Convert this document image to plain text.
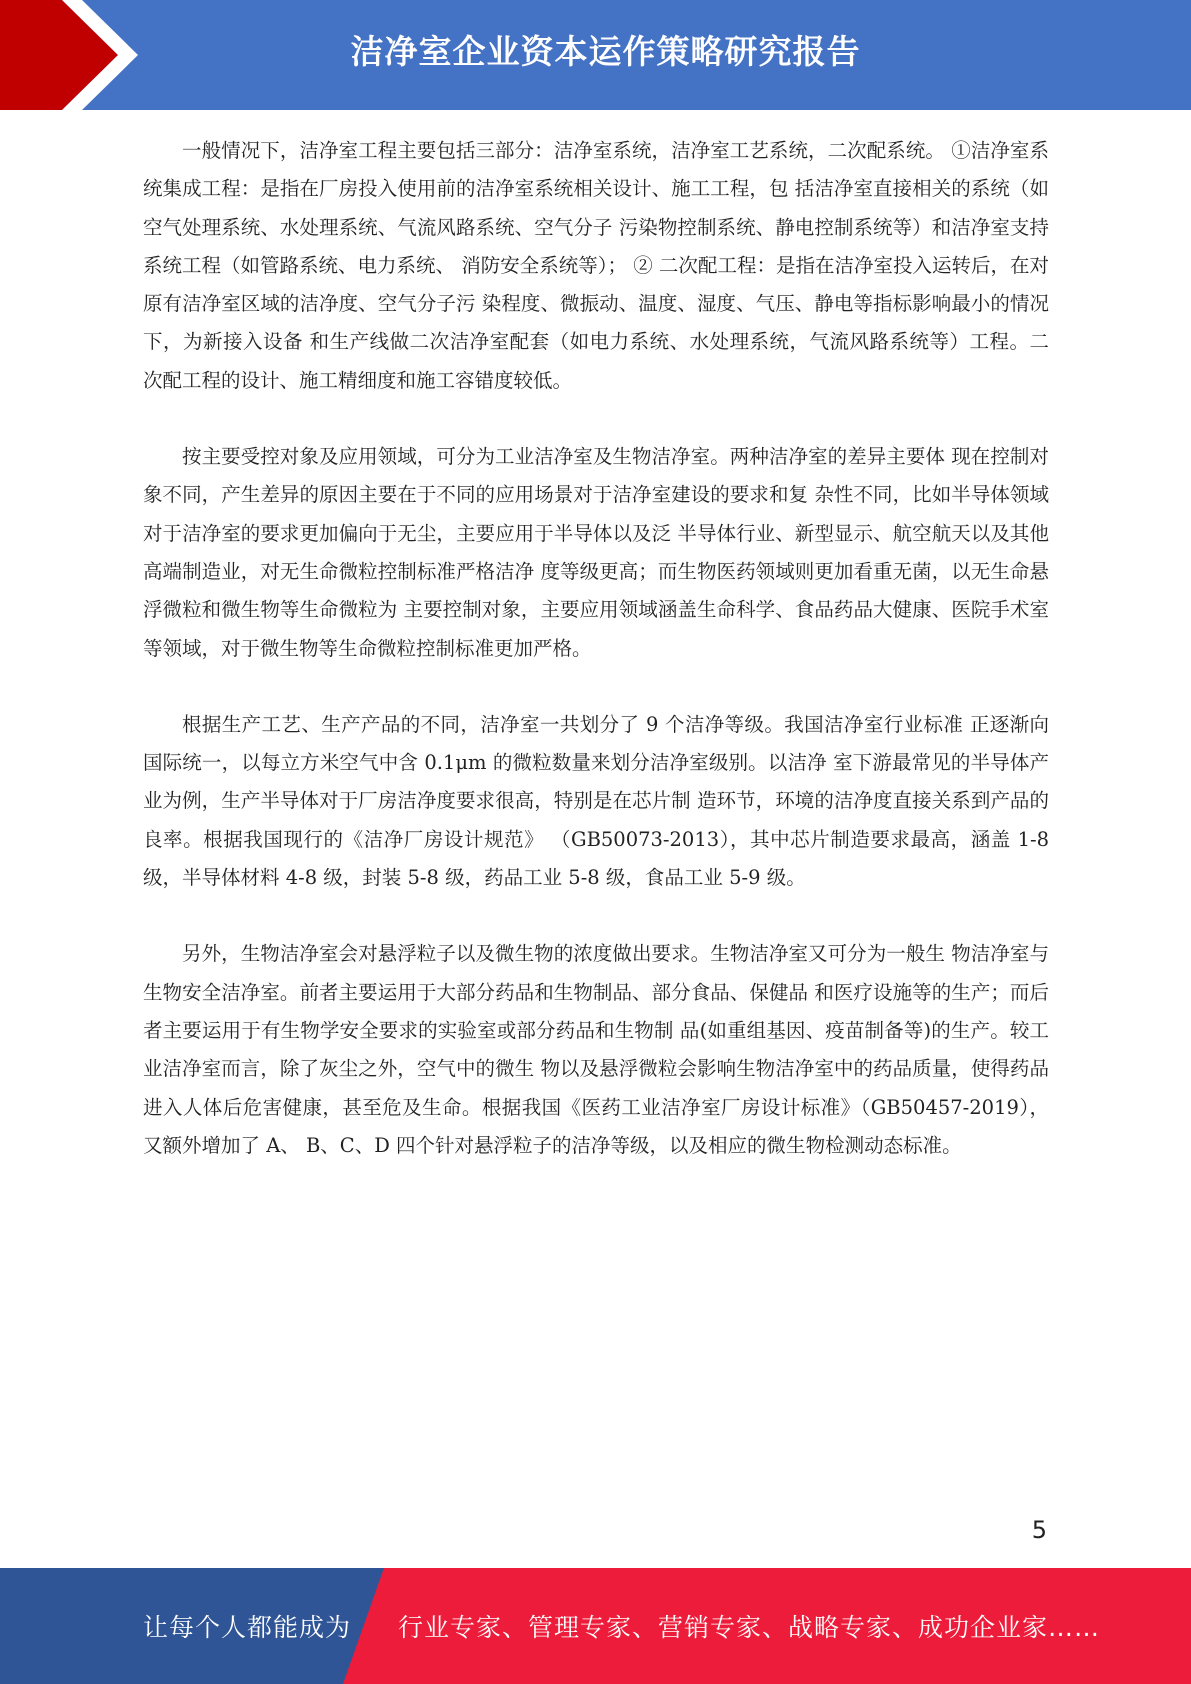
洁净室企业资本运作策略研究报告

一般情况下，洁净室工程主要包括三部分：洁净室系统，洁净室工艺系统，二次配系统。 ①洁净室系统集成工程：是指在厂房投入使用前的洁净室系统相关设计、施工工程，包 括洁净室直接相关的系统（如空气处理系统、水处理系统、气流风路系统、空气分子 污染物控制系统、静电控制系统等）和洁净室支持系统工程（如管路系统、电力系统、 消防安全系统等）； ② 二次配工程：是指在洁净室投入运转后，在对原有洁净室区域的洁净度、空气分子污 染程度、微振动、温度、湿度、气压、静电等指标影响最小的情况下，为新接入设备 和生产线做二次洁净室配套（如电力系统、水处理系统，气流风路系统等）工程。二 次配工程的设计、施工精细度和施工容错度较低。

按主要受控对象及应用领域，可分为工业洁净室及生物洁净室。两种洁净室的差异主要体 现在控制对象不同，产生差异的原因主要在于不同的应用场景对于洁净室建设的要求和复 杂性不同，比如半导体领域对于洁净室的要求更加偏向于无尘，主要应用于半导体以及泛 半导体行业、新型显示、航空航天以及其他高端制造业，对无生命微粒控制标准严格洁净 度等级更高；而生物医药领域则更加看重无菌，以无生命悬浮微粒和微生物等生命微粒为 主要控制对象，主要应用领域涵盖生命科学、食品药品大健康、医院手术室等领域，对于微生物等生命微粒控制标准更加严格。

根据生产工艺、生产产品的不同，洁净室一共划分了 9 个洁净等级。我国洁净室行业标准 正逐渐向国际统一，以每立方米空气中含 0.1μm 的微粒数量来划分洁净室级别。以洁净 室下游最常见的半导体产业为例，生产半导体对于厂房洁净度要求很高，特别是在芯片制 造环节，环境的洁净度直接关系到产品的良率。根据我国现行的《洁净厂房设计规范》 （GB50073-2013），其中芯片制造要求最高，涵盖 1-8 级，半导体材料 4-8 级，封装 5-8 级，药品工业 5-8 级，食品工业 5-9 级。

另外，生物洁净室会对悬浮粒子以及微生物的浓度做出要求。生物洁净室又可分为一般生 物洁净室与生物安全洁净室。前者主要运用于大部分药品和生物制品、部分食品、保健品 和医疗设施等的生产；而后者主要运用于有生物学安全要求的实验室或部分药品和生物制 品(如重组基因、疫苗制备等)的生产。较工业洁净室而言，除了灰尘之外，空气中的微生 物以及悬浮微粒会影响生物洁净室中的药品质量，使得药品进入人体后危害健康，甚至危及生命。根据我国《医药工业洁净室厂房设计标准》（GB50457-2019），又额外增加了 A、 B、C、D 四个针对悬浮粒子的洁净等级，以及相应的微生物检测动态标准。

5
让每个人都能成为 行业专家、管理专家、营销专家、战略专家、成功企业家……
